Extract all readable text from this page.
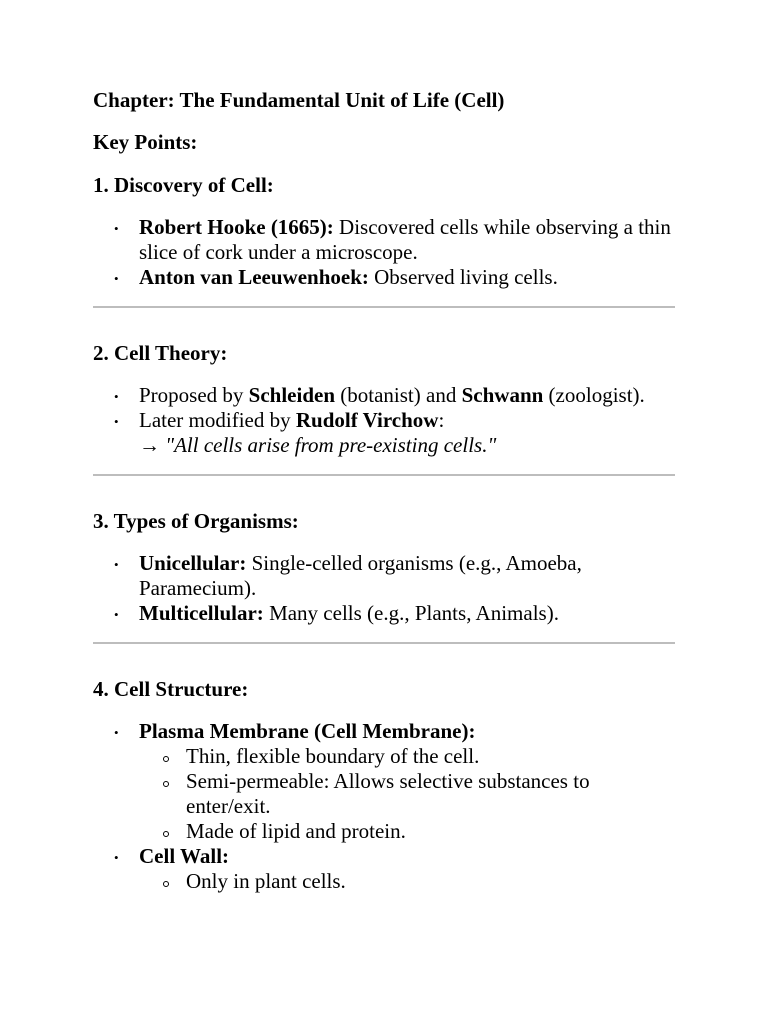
Chapter: The Fundamental Unit of Life (Cell)

Key Points:

1. Discovery of Cell:

• Robert Hooke (1665): Discovered cells while observing a thin slice of cork under a microscope.
• Anton van Leeuwenhoek: Observed living cells.

2. Cell Theory:

• Proposed by Schleiden (botanist) and Schwann (zoologist).
• Later modified by Rudolf Virchow:
→ "All cells arise from pre-existing cells."

3. Types of Organisms:

• Unicellular: Single-celled organisms (e.g., Amoeba, Paramecium).
• Multicellular: Many cells (e.g., Plants, Animals).

4. Cell Structure:

• Plasma Membrane (Cell Membrane):
Thin, flexible boundary of the cell.
Semi-permeable: Allows selective substances to enter/exit.
Made of lipid and protein.
• Cell Wall:
Only in plant cells.
